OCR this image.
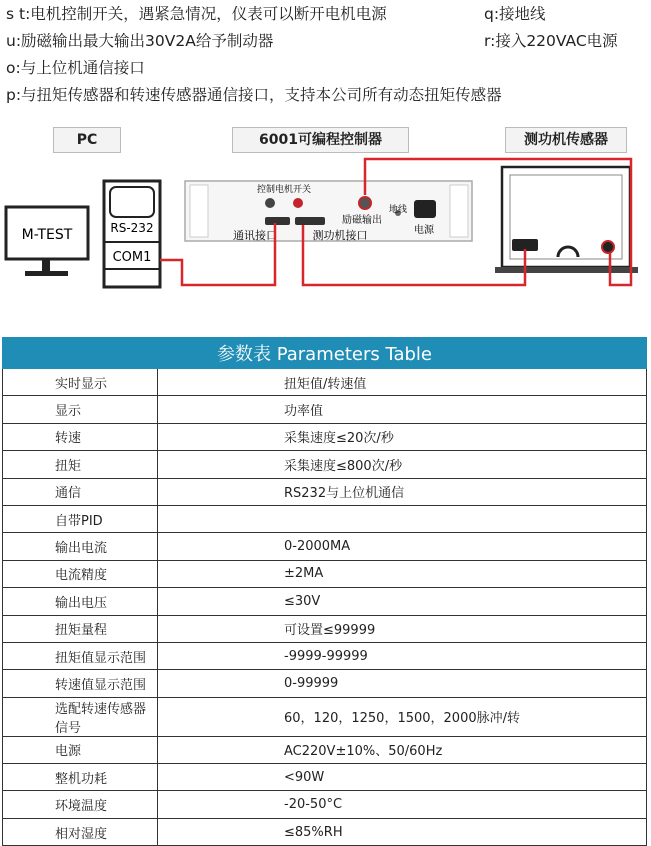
s t:电机控制开关，遇紧急情况，仪表可以断开电机电源	q:接地线
u:励磁输出最大输出30V2A给予制动器	r:接入220VAC电源
o:与上位机通信接口
p:与扭矩传感器和转速传感器通信接口，支持本公司所有动态扭矩传感器
PC	6001可编程控制器	测功机传感器
M-TEST	RS-232
COM1
控制电机开关
励磁输出
地线
电源
通讯接口	测功机接口
参数表 Parameters Table	
实时显示	扭矩值/转速值
显示	功率值
转速	采集速度≤20次/秒
扭矩	采集速度≤800次/秒
通信	RS232与上位机通信
自带PID	
输出电流	0-2000MA
电流精度	±2MA
输出电压	≤30V
扭矩量程	可设置≤99999
扭矩值显示范围	-9999-99999
转速值显示范围	0-99999
选配转速传感器信号	60，120，1250，1500，2000脉冲/转
电源	AC220V±10%、50/60Hz
整机功耗	<90W
环境温度	-20-50°C
相对湿度	≤85%RH
